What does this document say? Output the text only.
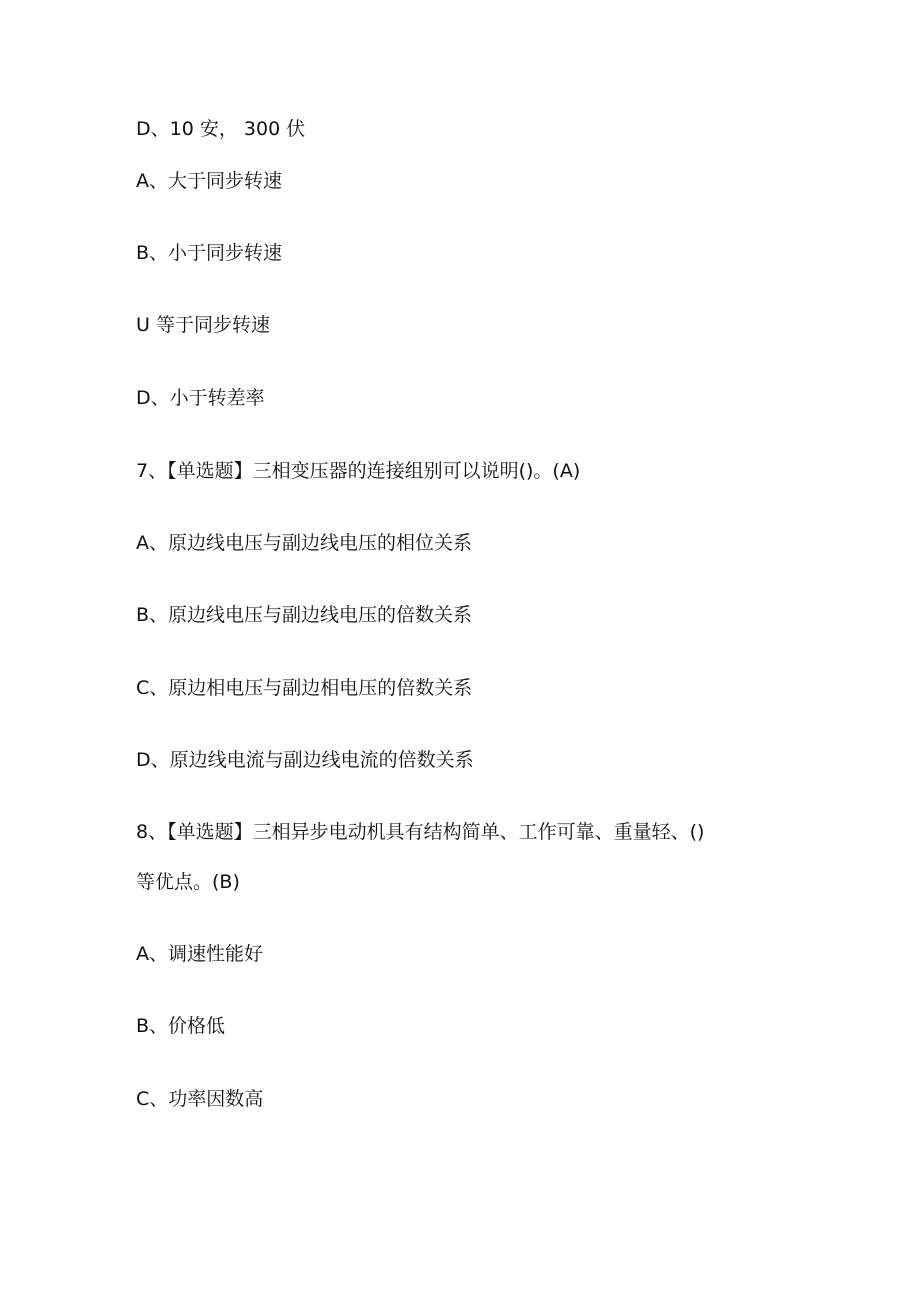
D、10 安， 300 伏
A、大于同步转速
B、小于同步转速
U 等于同步转速
D、小于转差率
7、【单选题】三相变压器的连接组别可以说明()。(A)
A、原边线电压与副边线电压的相位关系
B、原边线电压与副边线电压的倍数关系
C、原边相电压与副边相电压的倍数关系
D、原边线电流与副边线电流的倍数关系
8、【单选题】三相异步电动机具有结构简单、工作可靠、重量轻、()
等优点。(B)
A、调速性能好
B、价格低
C、功率因数高
